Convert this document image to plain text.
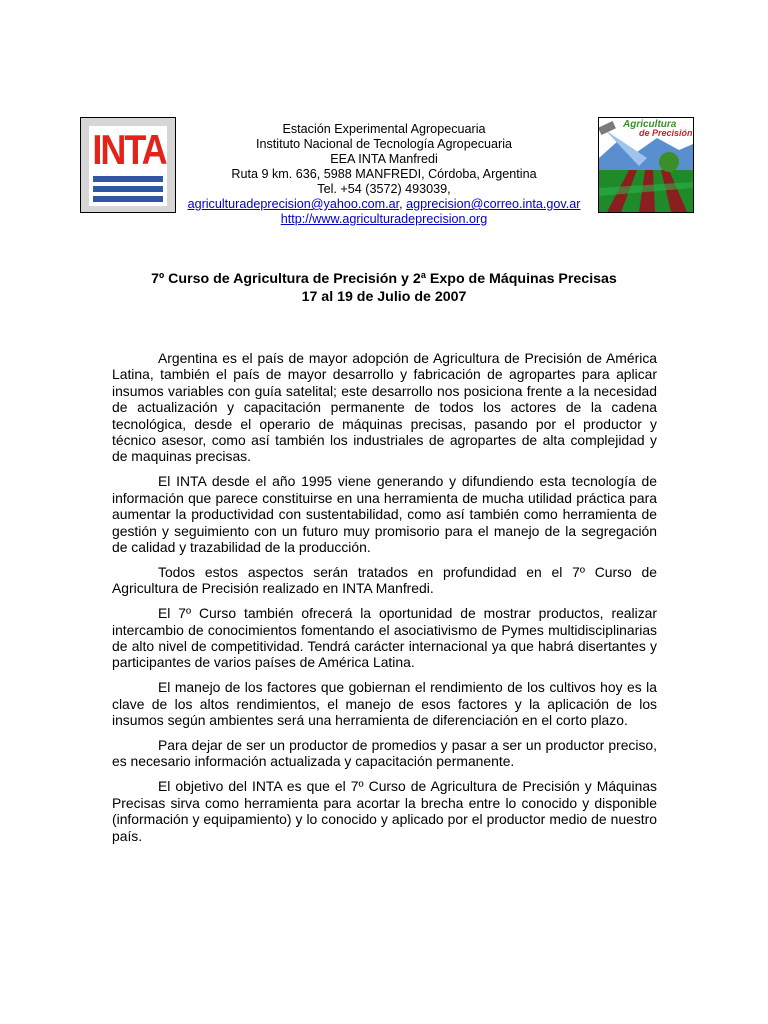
INTA
Agricultura
de Precisión
Estación Experimental Agropecuaria
Instituto Nacional de Tecnología Agropecuaria
EEA INTA Manfredi
Ruta 9 km. 636, 5988 MANFREDI, Córdoba, Argentina
Tel. +54 (3572) 493039,
agriculturadeprecision@yahoo.com.ar, agprecision@correo.inta.gov.ar
http://www.agriculturadeprecision.org
7º Curso de Agricultura de Precisión y 2ª Expo de Máquinas Precisas
17 al 19 de Julio de 2007

Argentina es el país de mayor adopción de Agricultura de Precisión de América Latina, también el país de mayor desarrollo y fabricación de agropartes para aplicar insumos variables con guía satelital; este desarrollo nos posiciona frente a la necesidad de actualización y capacitación permanente de todos los actores de la cadena tecnológica, desde el operario de máquinas precisas, pasando por el productor y técnico asesor, como así también los industriales de agropartes de alta complejidad y de maquinas precisas.

El INTA desde el año 1995 viene generando y difundiendo esta tecnología de información que parece constituirse en una herramienta de mucha utilidad práctica para aumentar la productividad con sustentabilidad, como así también como herramienta de gestión y seguimiento con un futuro muy promisorio para el manejo de la segregación de calidad y trazabilidad de la producción.

Todos estos aspectos serán tratados en profundidad en el 7º Curso de Agricultura de Precisión realizado en INTA Manfredi.

El 7º Curso también ofrecerá la oportunidad de mostrar productos, realizar intercambio de conocimientos fomentando el asociativismo de Pymes multidisciplinarias de alto nivel de competitividad. Tendrá carácter internacional ya que habrá disertantes y participantes de varios países de América Latina.

El manejo de los factores que gobiernan el rendimiento de los cultivos hoy es la clave de los altos rendimientos, el manejo de esos factores y la aplicación de los insumos según ambientes será una herramienta de diferenciación en el corto plazo.

Para dejar de ser un productor de promedios y pasar a ser un productor preciso, es necesario información actualizada y capacitación permanente.

El objetivo del INTA es que el 7º Curso de Agricultura de Precisión y Máquinas Precisas sirva como herramienta para acortar la brecha entre lo conocido y disponible (información y equipamiento) y lo conocido y aplicado por el productor medio de nuestro país.
